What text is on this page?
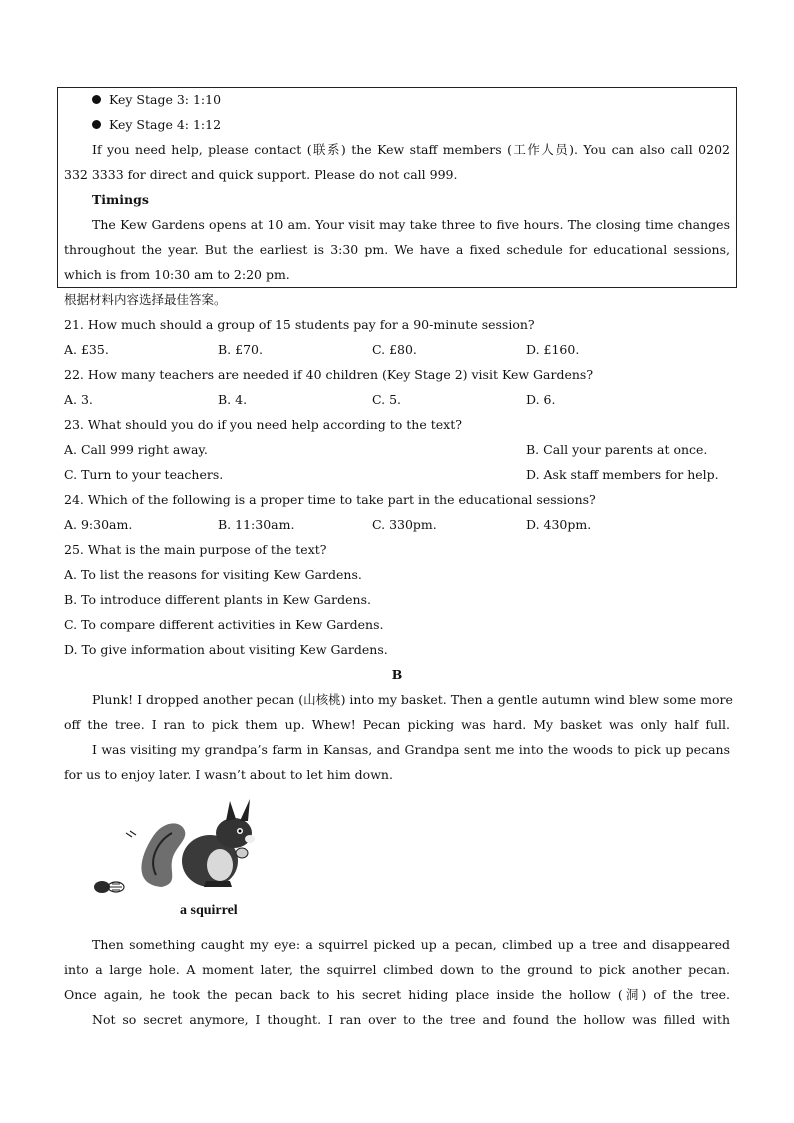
Key Stage 3: 1:10
Key Stage 4: 1:12
If you need help, please contact (联系) the Kew staff members (工作人员). You can also call 0202
332 3333 for direct and quick support. Please do not call 999.
Timings
The Kew Gardens opens at 10 am. Your visit may take three to five hours. The closing time changes
throughout the year. But the earliest is 3:30 pm. We have a fixed schedule for educational sessions,
which is from 10:30 am to 2:20 pm.
根据材料内容选择最佳答案。
21. How much should a group of 15 students pay for a 90-minute session?
A. £35.	B. £70.	C. £80.	D. £160.
22. How many teachers are needed if 40 children (Key Stage 2) visit Kew Gardens?
A. 3.	B. 4.	C. 5.	D. 6.
23. What should you do if you need help according to the text?
A. Call 999 right away.	B. Call your parents at once.
C. Turn to your teachers.	D. Ask staff members for help.
24. Which of the following is a proper time to take part in the educational sessions?
A. 9:30am.	B. 11:30am.	C. 330pm.	D. 430pm.
25. What is the main purpose of the text?
A. To list the reasons for visiting Kew Gardens.
B. To introduce different plants in Kew Gardens.
C. To compare different activities in Kew Gardens.
D. To give information about visiting Kew Gardens.
B
Plunk! I dropped another pecan (山核桃) into my basket. Then a gentle autumn wind blew some more
off the tree. I ran to pick them up. Whew! Pecan picking was hard. My basket was only half full.
I was visiting my grandpa’s farm in Kansas, and Grandpa sent me into the woods to pick up pecans
for us to enjoy later. I wasn’t about to let him down.
a squirrel
Then something caught my eye: a squirrel picked up a pecan, climbed up a tree and disappeared
into a large hole. A moment later, the squirrel climbed down to the ground to pick another pecan.
Once again, he took the pecan back to his secret hiding place inside the hollow (洞) of the tree.
Not so secret anymore, I thought. I ran over to the tree and found the hollow was filled with
